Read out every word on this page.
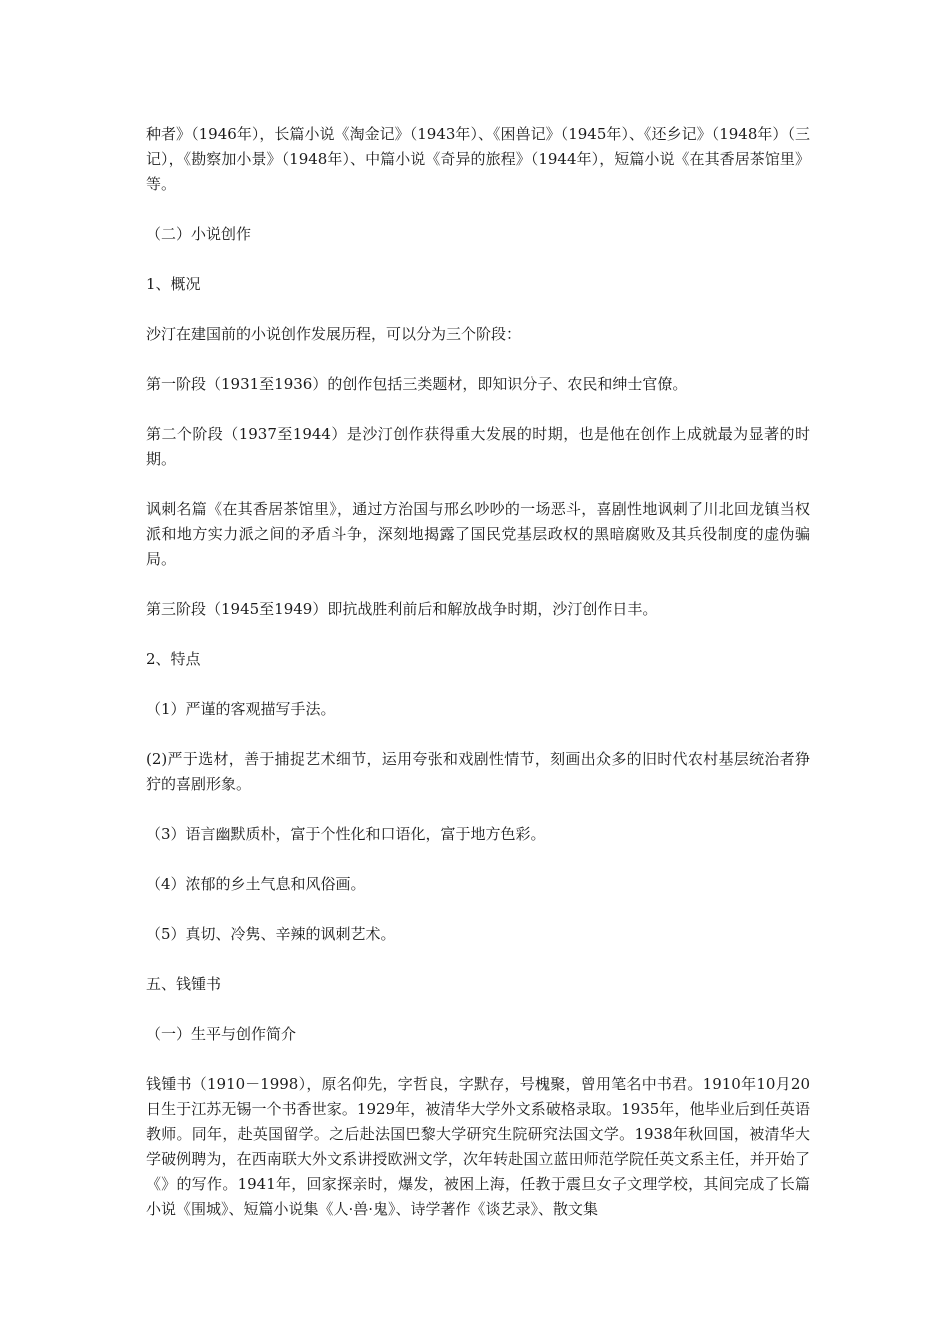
种者》（1946年），长篇小说《淘金记》（1943年）、《困兽记》（1945年）、《还乡记》（1948年）（三记），《勘察加小景》（1948年）、中篇小说《奇异的旅程》（1944年），短篇小说《在其香居茶馆里》等。

（二）小说创作

1、概况

沙汀在建国前的小说创作发展历程，可以分为三个阶段：

第一阶段（1931至1936）的创作包括三类题材，即知识分子、农民和绅士官僚。

第二个阶段（1937至1944）是沙汀创作获得重大发展的时期，也是他在创作上成就最为显著的时期。

讽刺名篇《在其香居茶馆里》，通过方治国与邢幺吵吵的一场恶斗，喜剧性地讽刺了川北回龙镇当权派和地方实力派之间的矛盾斗争，深刻地揭露了国民党基层政权的黑暗腐败及其兵役制度的虚伪骗局。

第三阶段（1945至1949）即抗战胜利前后和解放战争时期，沙汀创作日丰。

2、特点

（1）严谨的客观描写手法。

(2)严于选材，善于捕捉艺术细节，运用夸张和戏剧性情节，刻画出众多的旧时代农村基层统治者狰狞的喜剧形象。

（3）语言幽默质朴，富于个性化和口语化，富于地方色彩。

（4）浓郁的乡土气息和风俗画。

（5）真切、冷隽、辛辣的讽刺艺术。

五、钱锺书

（一）生平与创作简介

钱锺书（1910－1998），原名仰先，字哲良，字默存，号槐聚，曾用笔名中书君。1910年10月20日生于江苏无锡一个书香世家。1929年，被清华大学外文系破格录取。1935年，他毕业后到任英语教师。同年，赴英国留学。之后赴法国巴黎大学研究生院研究法国文学。1938年秋回国，被清华大学破例聘为，在西南联大外文系讲授欧洲文学，次年转赴国立蓝田师范学院任英文系主任，并开始了《》的写作。1941年，回家探亲时，爆发，被困上海，任教于震旦女子文理学校，其间完成了长篇小说《围城》、短篇小说集《人·兽·鬼》、诗学著作《谈艺录》、散文集
